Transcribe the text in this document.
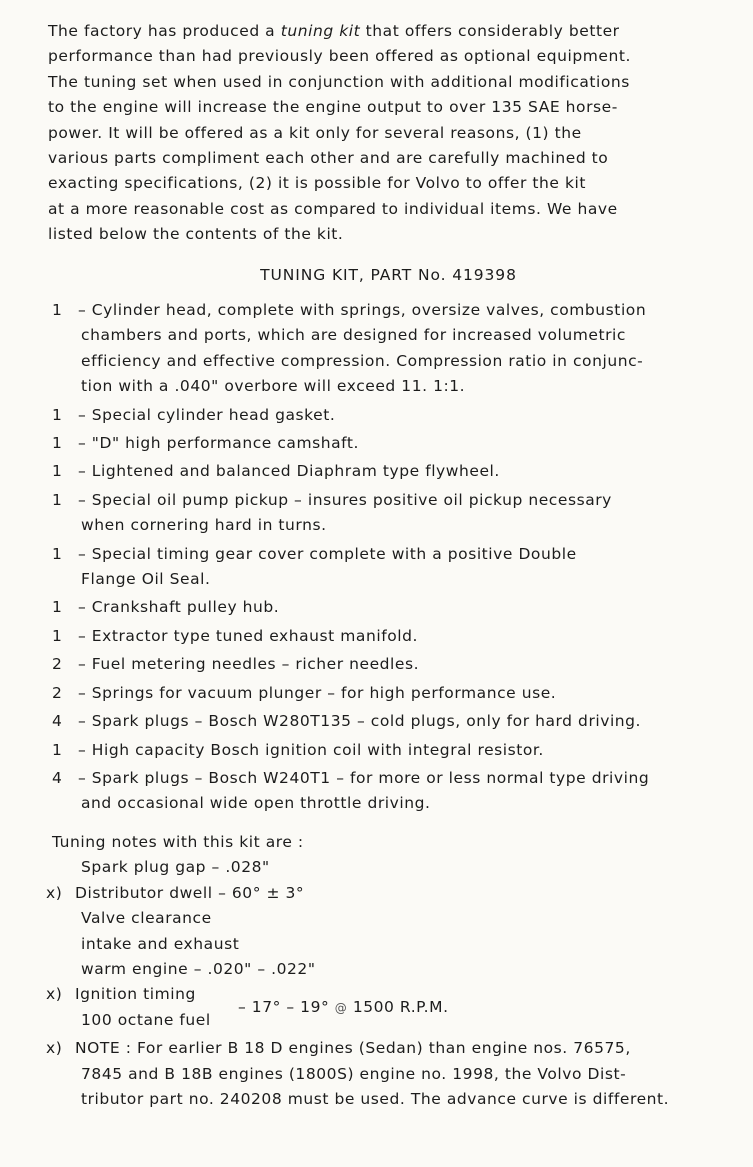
The factory has produced a tuning kit that offers considerably better
performance than had previously been offered as optional equipment.
The tuning set when used in conjunction with additional modifications
to the engine will increase the engine output to over 135 SAE horse-
power. It will be offered as a kit only for several reasons, (1) the
various parts compliment each other and are carefully machined to
exacting specifications, (2) it is possible for Volvo to offer the kit
at a more reasonable cost as compared to individual items. We have
listed below the contents of the kit.
TUNING KIT, PART No. 419398
1 – Cylinder head, complete with springs, oversize valves, combustion
chambers and ports, which are designed for increased volumetric
efficiency and effective compression. Compression ratio in conjunc-
tion with a .040" overbore will exceed 11. 1:1.
1 – Special cylinder head gasket.
1 – "D" high performance camshaft.
1 – Lightened and balanced Diaphram type flywheel.
1 – Special oil pump pickup – insures positive oil pickup necessary
when cornering hard in turns.
1 – Special timing gear cover complete with a positive Double
Flange Oil Seal.
1 – Crankshaft pulley hub.
1 – Extractor type tuned exhaust manifold.
2 – Fuel metering needles – richer needles.
2 – Springs for vacuum plunger – for high performance use.
4 – Spark plugs – Bosch W280T135 – cold plugs, only for hard driving.
1 – High capacity Bosch ignition coil with integral resistor.
4 – Spark plugs – Bosch W240T1 – for more or less normal type driving
and occasional wide open throttle driving.
Tuning notes with this kit are :
Spark plug gap – .028"
x) Distributor dwell – 60° ± 3°
Valve clearance
intake and exhaust
warm engine – .020" – .022"
x) Ignition timing
100 octane fuel
– 17° – 19° @ 1500 R.P.M.
x) NOTE : For earlier B 18 D engines (Sedan) than engine nos. 76575,
7845 and B 18B engines (1800S) engine no. 1998, the Volvo Dist-
tributor part no. 240208 must be used. The advance curve is different.
